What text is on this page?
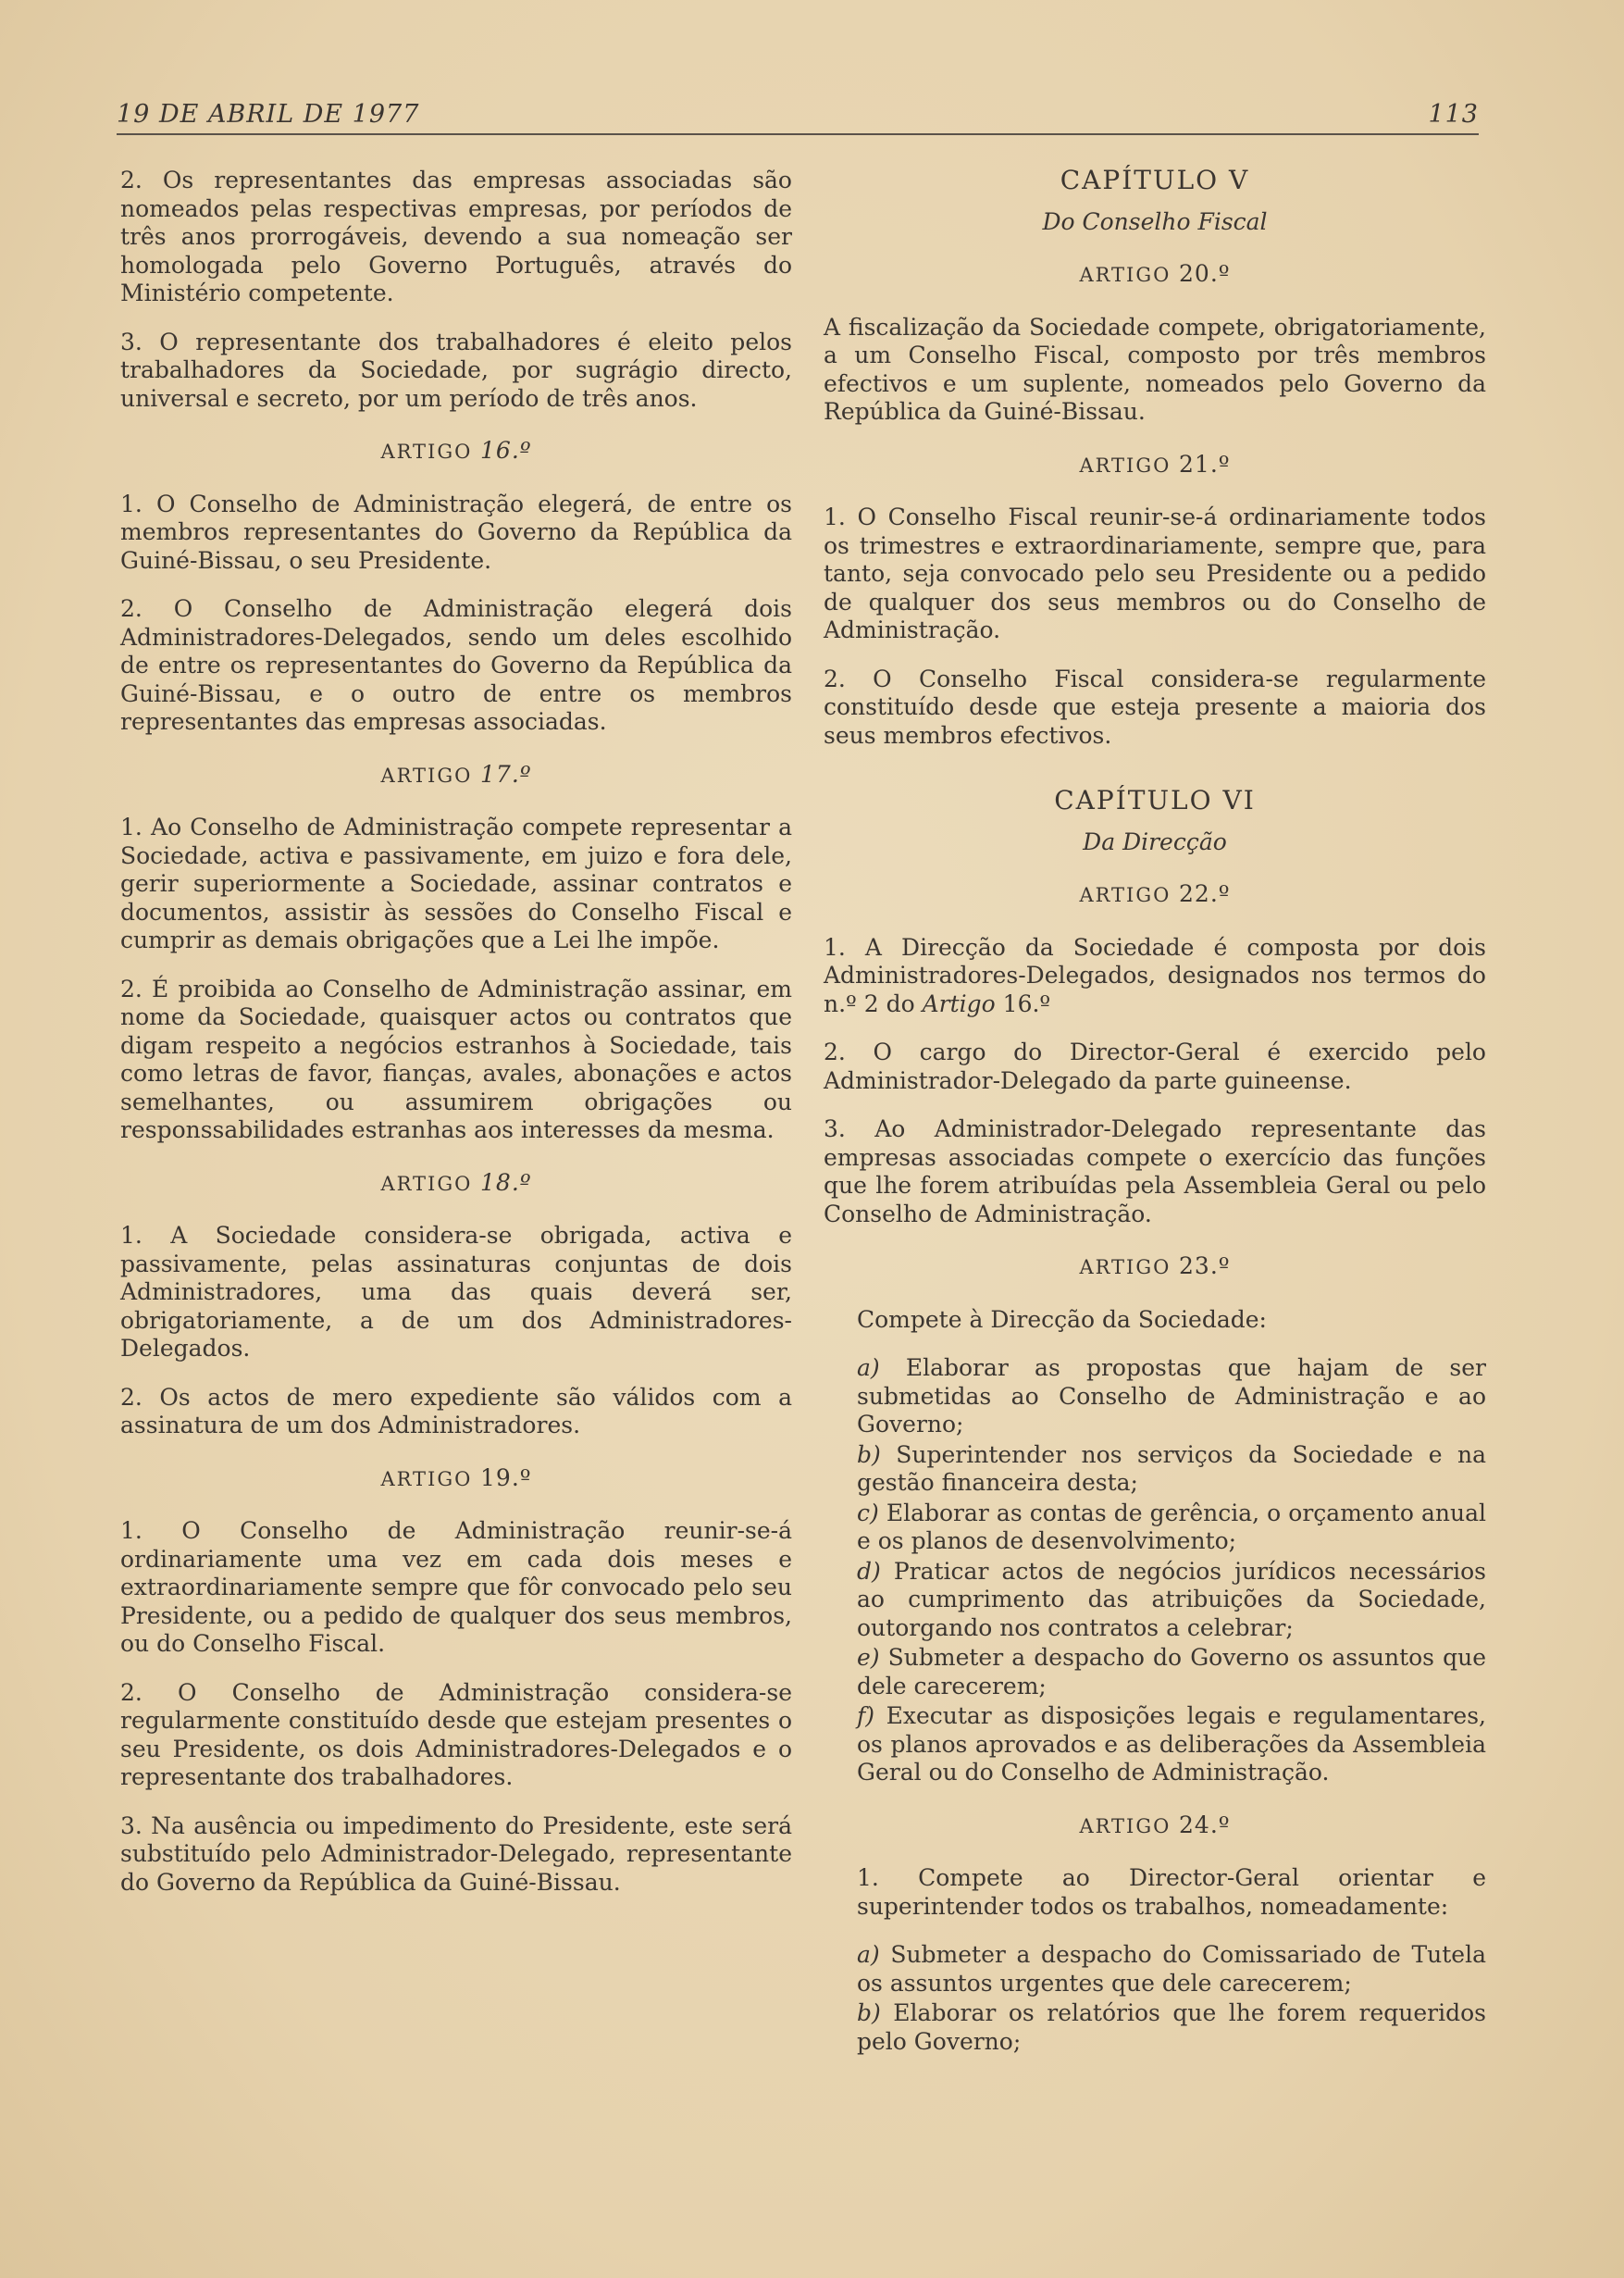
19 DE ABRIL DE 1977	113

2. Os representantes das empresas associadas são nomeados pelas respectivas empresas, por períodos de três anos prorrogáveis, devendo a sua nomeação ser homologada pelo Governo Português, através do Ministério competente.

3. O representante dos trabalhadores é eleito pelos trabalhadores da Sociedade, por sugrágio directo, universal e secreto, por um período de três anos.

ARTIGO 16.º

1. O Conselho de Administração elegerá, de entre os membros representantes do Governo da República da Guiné-Bissau, o seu Presidente.

2. O Conselho de Administração elegerá dois Administradores-Delegados, sendo um deles escolhido de entre os representantes do Governo da República da Guiné-Bissau, e o outro de entre os membros representantes das empresas associadas.

ARTIGO 17.º

1. Ao Conselho de Administração compete representar a Sociedade, activa e passivamente, em juizo e fora dele, gerir superiormente a Sociedade, assinar contratos e documentos, assistir às sessões do Conselho Fiscal e cumprir as demais obrigações que a Lei lhe impõe.

2. É proibida ao Conselho de Administração assinar, em nome da Sociedade, quaisquer actos ou contratos que digam respeito a negócios estranhos à Sociedade, tais como letras de favor, fianças, avales, abonações e actos semelhantes, ou assumirem obrigações ou responssabilidades estranhas aos interesses da mesma.

ARTIGO 18.º

1. A Sociedade considera-se obrigada, activa e passivamente, pelas assinaturas conjuntas de dois Administradores, uma das quais deverá ser, obrigatoriamente, a de um dos Administradores-Delegados.

2. Os actos de mero expediente são válidos com a assinatura de um dos Administradores.

ARTIGO 19.º

1. O Conselho de Administração reunir-se-á ordinariamente uma vez em cada dois meses e extraordinariamente sempre que fôr convocado pelo seu Presidente, ou a pedido de qualquer dos seus membros, ou do Conselho Fiscal.

2. O Conselho de Administração considera-se regularmente constituído desde que estejam presentes o seu Presidente, os dois Administradores-Delegados e o representante dos trabalhadores.

3. Na ausência ou impedimento do Presidente, este será substituído pelo Administrador-Delegado, representante do Governo da República da Guiné-Bissau.

CAPÍTULO V
Do Conselho Fiscal
ARTIGO 20.º

A fiscalização da Sociedade compete, obrigatoriamente, a um Conselho Fiscal, composto por três membros efectivos e um suplente, nomeados pelo Governo da República da Guiné-Bissau.

ARTIGO 21.º

1. O Conselho Fiscal reunir-se-á ordinariamente todos os trimestres e extraordinariamente, sempre que, para tanto, seja convocado pelo seu Presidente ou a pedido de qualquer dos seus membros ou do Conselho de Administração.

2. O Conselho Fiscal considera-se regularmente constituído desde que esteja presente a maioria dos seus membros efectivos.

CAPÍTULO VI
Da Direcção
ARTIGO 22.º

1. A Direcção da Sociedade é composta por dois Administradores-Delegados, designados nos termos do n.º 2 do Artigo 16.º

2. O cargo do Director-Geral é exercido pelo Administrador-Delegado da parte guineense.

3. Ao Administrador-Delegado representante das empresas associadas compete o exercício das funções que lhe forem atribuídas pela Assembleia Geral ou pelo Conselho de Administração.

ARTIGO 23.º

Compete à Direcção da Sociedade:

a) Elaborar as propostas que hajam de ser submetidas ao Conselho de Administração e ao Governo;

b) Superintender nos serviços da Sociedade e na gestão financeira desta;

c) Elaborar as contas de gerência, o orçamento anual e os planos de desenvolvimento;

d) Praticar actos de negócios jurídicos necessários ao cumprimento das atribuições da Sociedade, outorgando nos contratos a celebrar;

e) Submeter a despacho do Governo os assuntos que dele carecerem;

f) Executar as disposições legais e regulamentares, os planos aprovados e as deliberações da Assembleia Geral ou do Conselho de Administração.

ARTIGO 24.º

1. Compete ao Director-Geral orientar e superintender todos os trabalhos, nomeadamente:

a) Submeter a despacho do Comissariado de Tutela os assuntos urgentes que dele carecerem;

b) Elaborar os relatórios que lhe forem requeridos pelo Governo;
